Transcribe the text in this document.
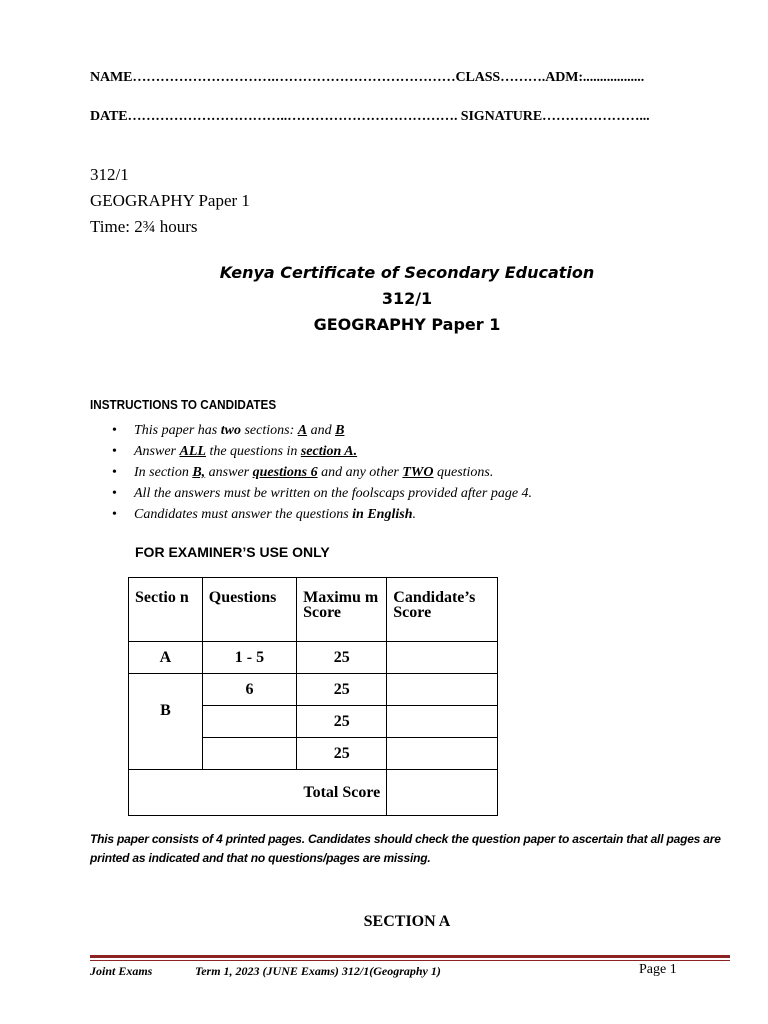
NAME………………………….…………………………………CLASS……….ADM:..................
DATE……………………………..………………………………. SIGNATURE…………………...
312/1
GEOGRAPHY Paper 1
Time: 2¾ hours
Kenya Certificate of Secondary Education
312/1
GEOGRAPHY Paper 1
INSTRUCTIONS TO CANDIDATES
• This paper has two sections: A and B
• Answer ALL the questions in section A.
• In section B, answer questions 6 and any other TWO questions.
• All the answers must be written on the foolscaps provided after page 4.
• Candidates must answer the questions in English.
FOR EXAMINER’S USE ONLY
Sectio n	Questions	Maximu m Score	Candidate’s Score
A	1 - 5	25	
B	6	25	
		25	
		25	
Total Score			
This paper consists of 4 printed pages. Candidates should check the question paper to ascertain that all pages are printed as indicated and that no questions/pages are missing.
SECTION A
Joint Exams	Term 1, 2023 (JUNE Exams) 312/1(Geography 1)	Page 1
